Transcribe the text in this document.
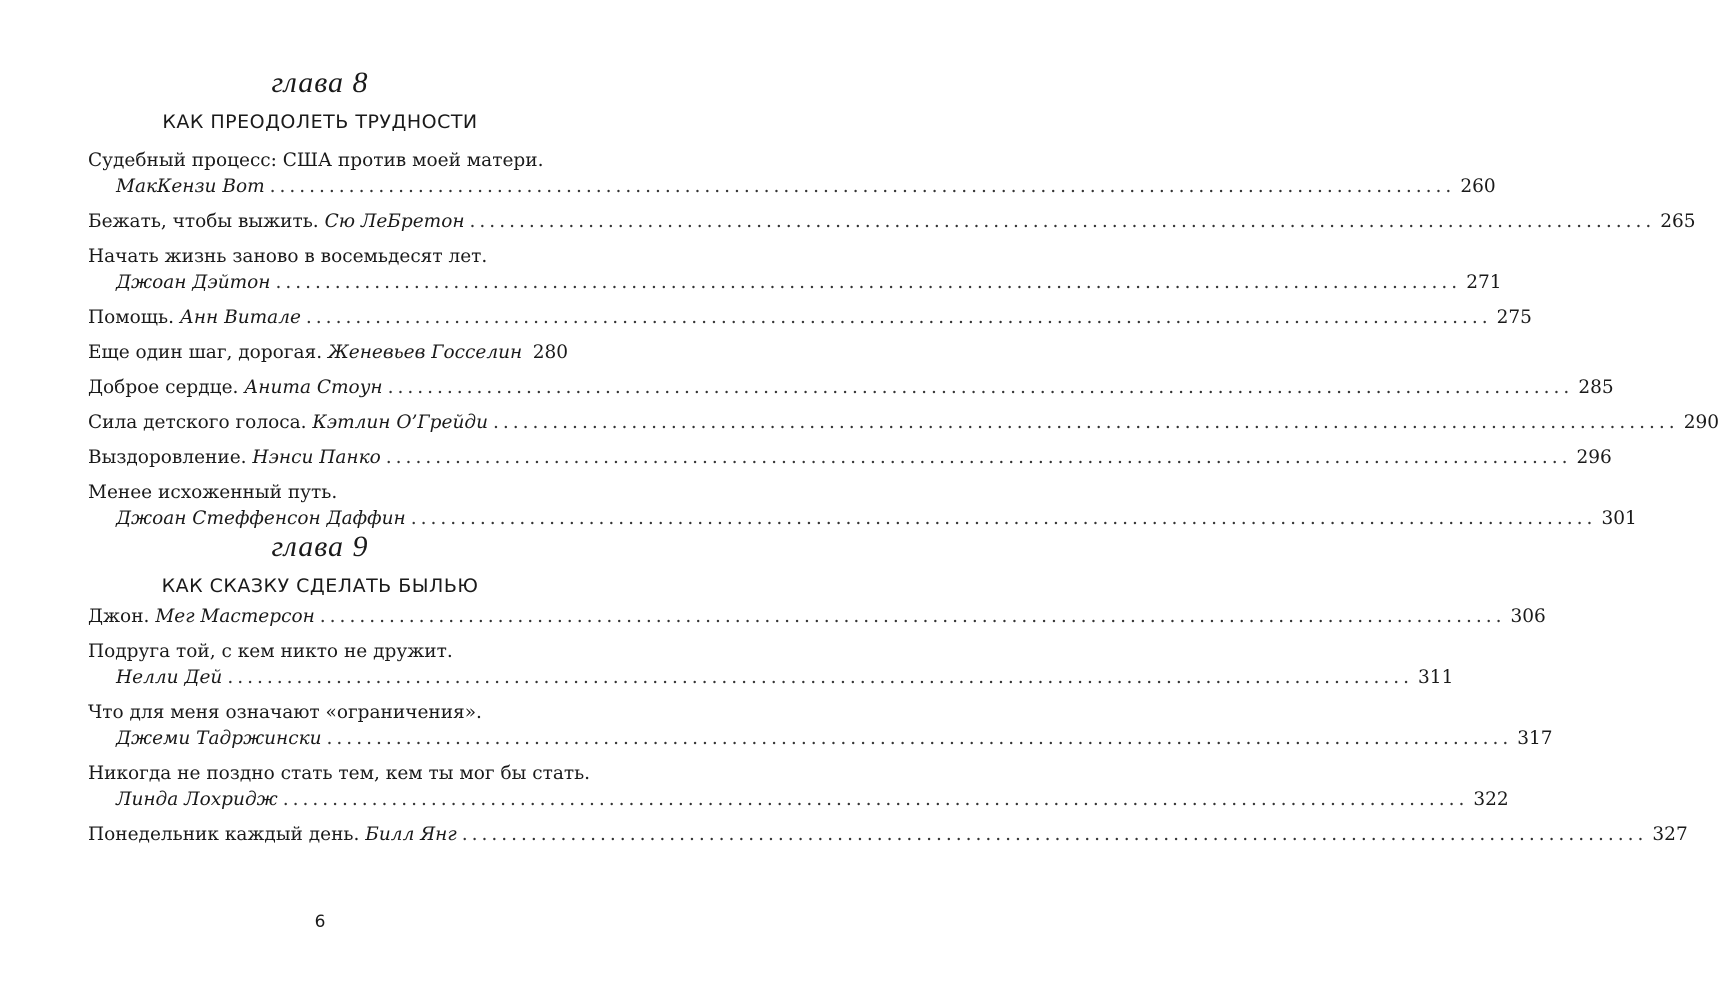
глава 8
КАК ПРЕОДОЛЕТЬ ТРУДНОСТИ
Судебный процесс: США против моей матери.
МакКензи Вот ........................................................................................................................ 260
Бежать, чтобы выжить.
Сю ЛеБретон ........................................................................................................................ 265
Начать жизнь заново в восемьдесят лет.
Джоан Дэйтон ........................................................................................................................ 271
Помощь.
Анн Витале ........................................................................................................................ 275
Еще один шаг, дорогая.
Женевьев Госселин 280
Доброе сердце.
Анита Стоун ........................................................................................................................ 285
Сила детского голоса.
Кэтлин О’Грейди ........................................................................................................................ 290
Выздоровление.
Нэнси Панко ........................................................................................................................ 296
Менее исхоженный путь.
Джоан Стеффенсон Даффин ........................................................................................................................ 301
глава 9
КАК СКАЗКУ СДЕЛАТЬ БЫЛЬЮ
Джон.
Мег Мастерсон ........................................................................................................................ 306
Подруга той, с кем никто не дружит.
Нелли Дей ........................................................................................................................ 311
Что для меня означают «ограничения».
Джеми Тадржински ........................................................................................................................ 317
Никогда не поздно стать тем, кем ты мог бы стать.
Линда Лохридж ........................................................................................................................ 322
Понедельник каждый день.
Билл Янг ........................................................................................................................ 327
6
